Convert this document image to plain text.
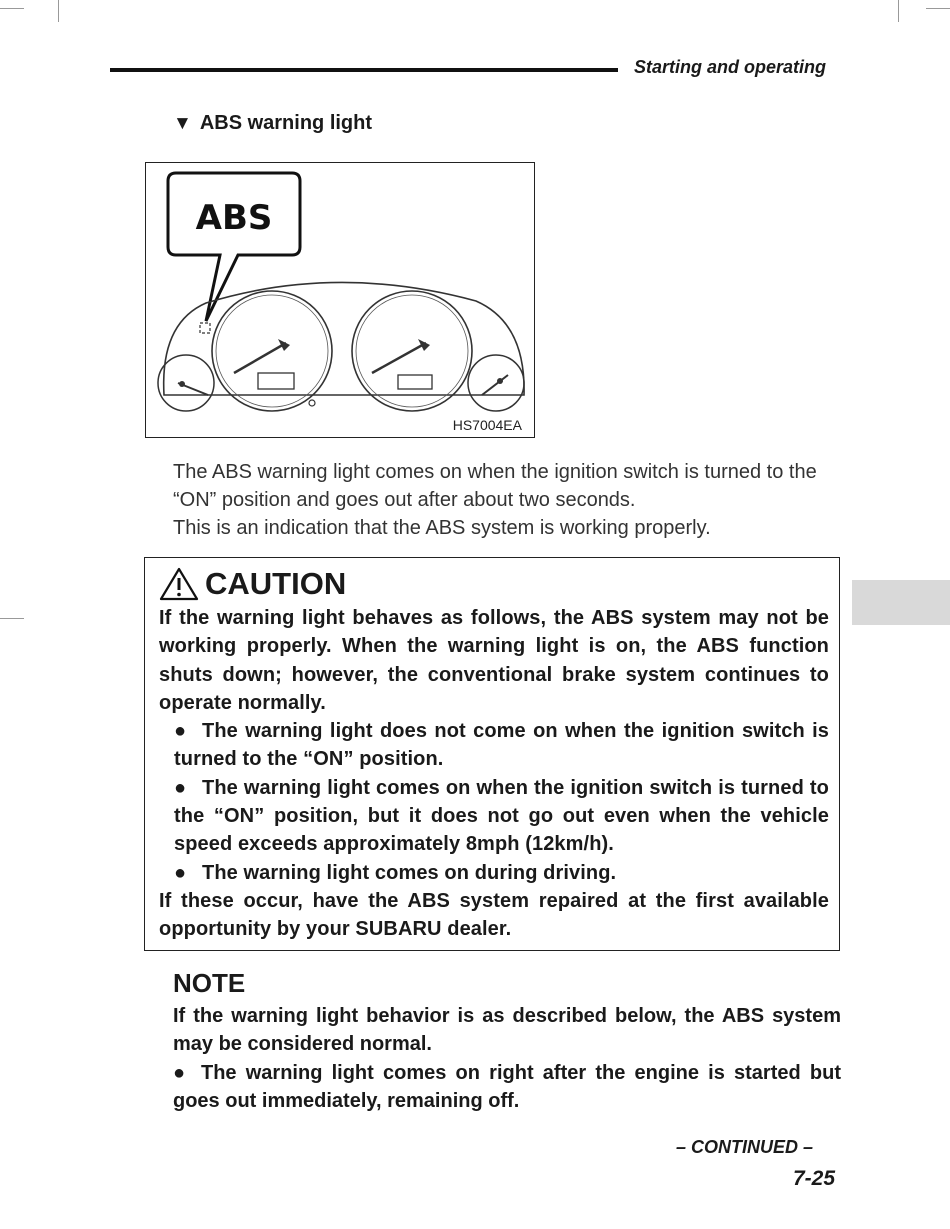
Starting and operating
▼ ABS warning light
ABS
HS7004EA

The ABS warning light comes on when the ignition switch is turned to the “ON” position and goes out after about two seconds.

This is an indication that the ABS system is working properly.

CAUTION

If the warning light behaves as follows, the ABS system may not be working properly. When the warning light is on, the ABS function shuts down; however, the conventional brake system continues to operate normally.

● The warning light does not come on when the ignition switch is turned to the “ON” position.

● The warning light comes on when the ignition switch is turned to the “ON” position, but it does not go out even when the vehicle speed exceeds approximately 8mph (12km/h).

● The warning light comes on during driving.

If these occur, have the ABS system repaired at the first available opportunity by your SUBARU dealer.

NOTE

If the warning light behavior is as described below, the ABS system may be considered normal.

● The warning light comes on right after the engine is started but goes out immediately, remaining off.

– CONTINUED –
7-25
